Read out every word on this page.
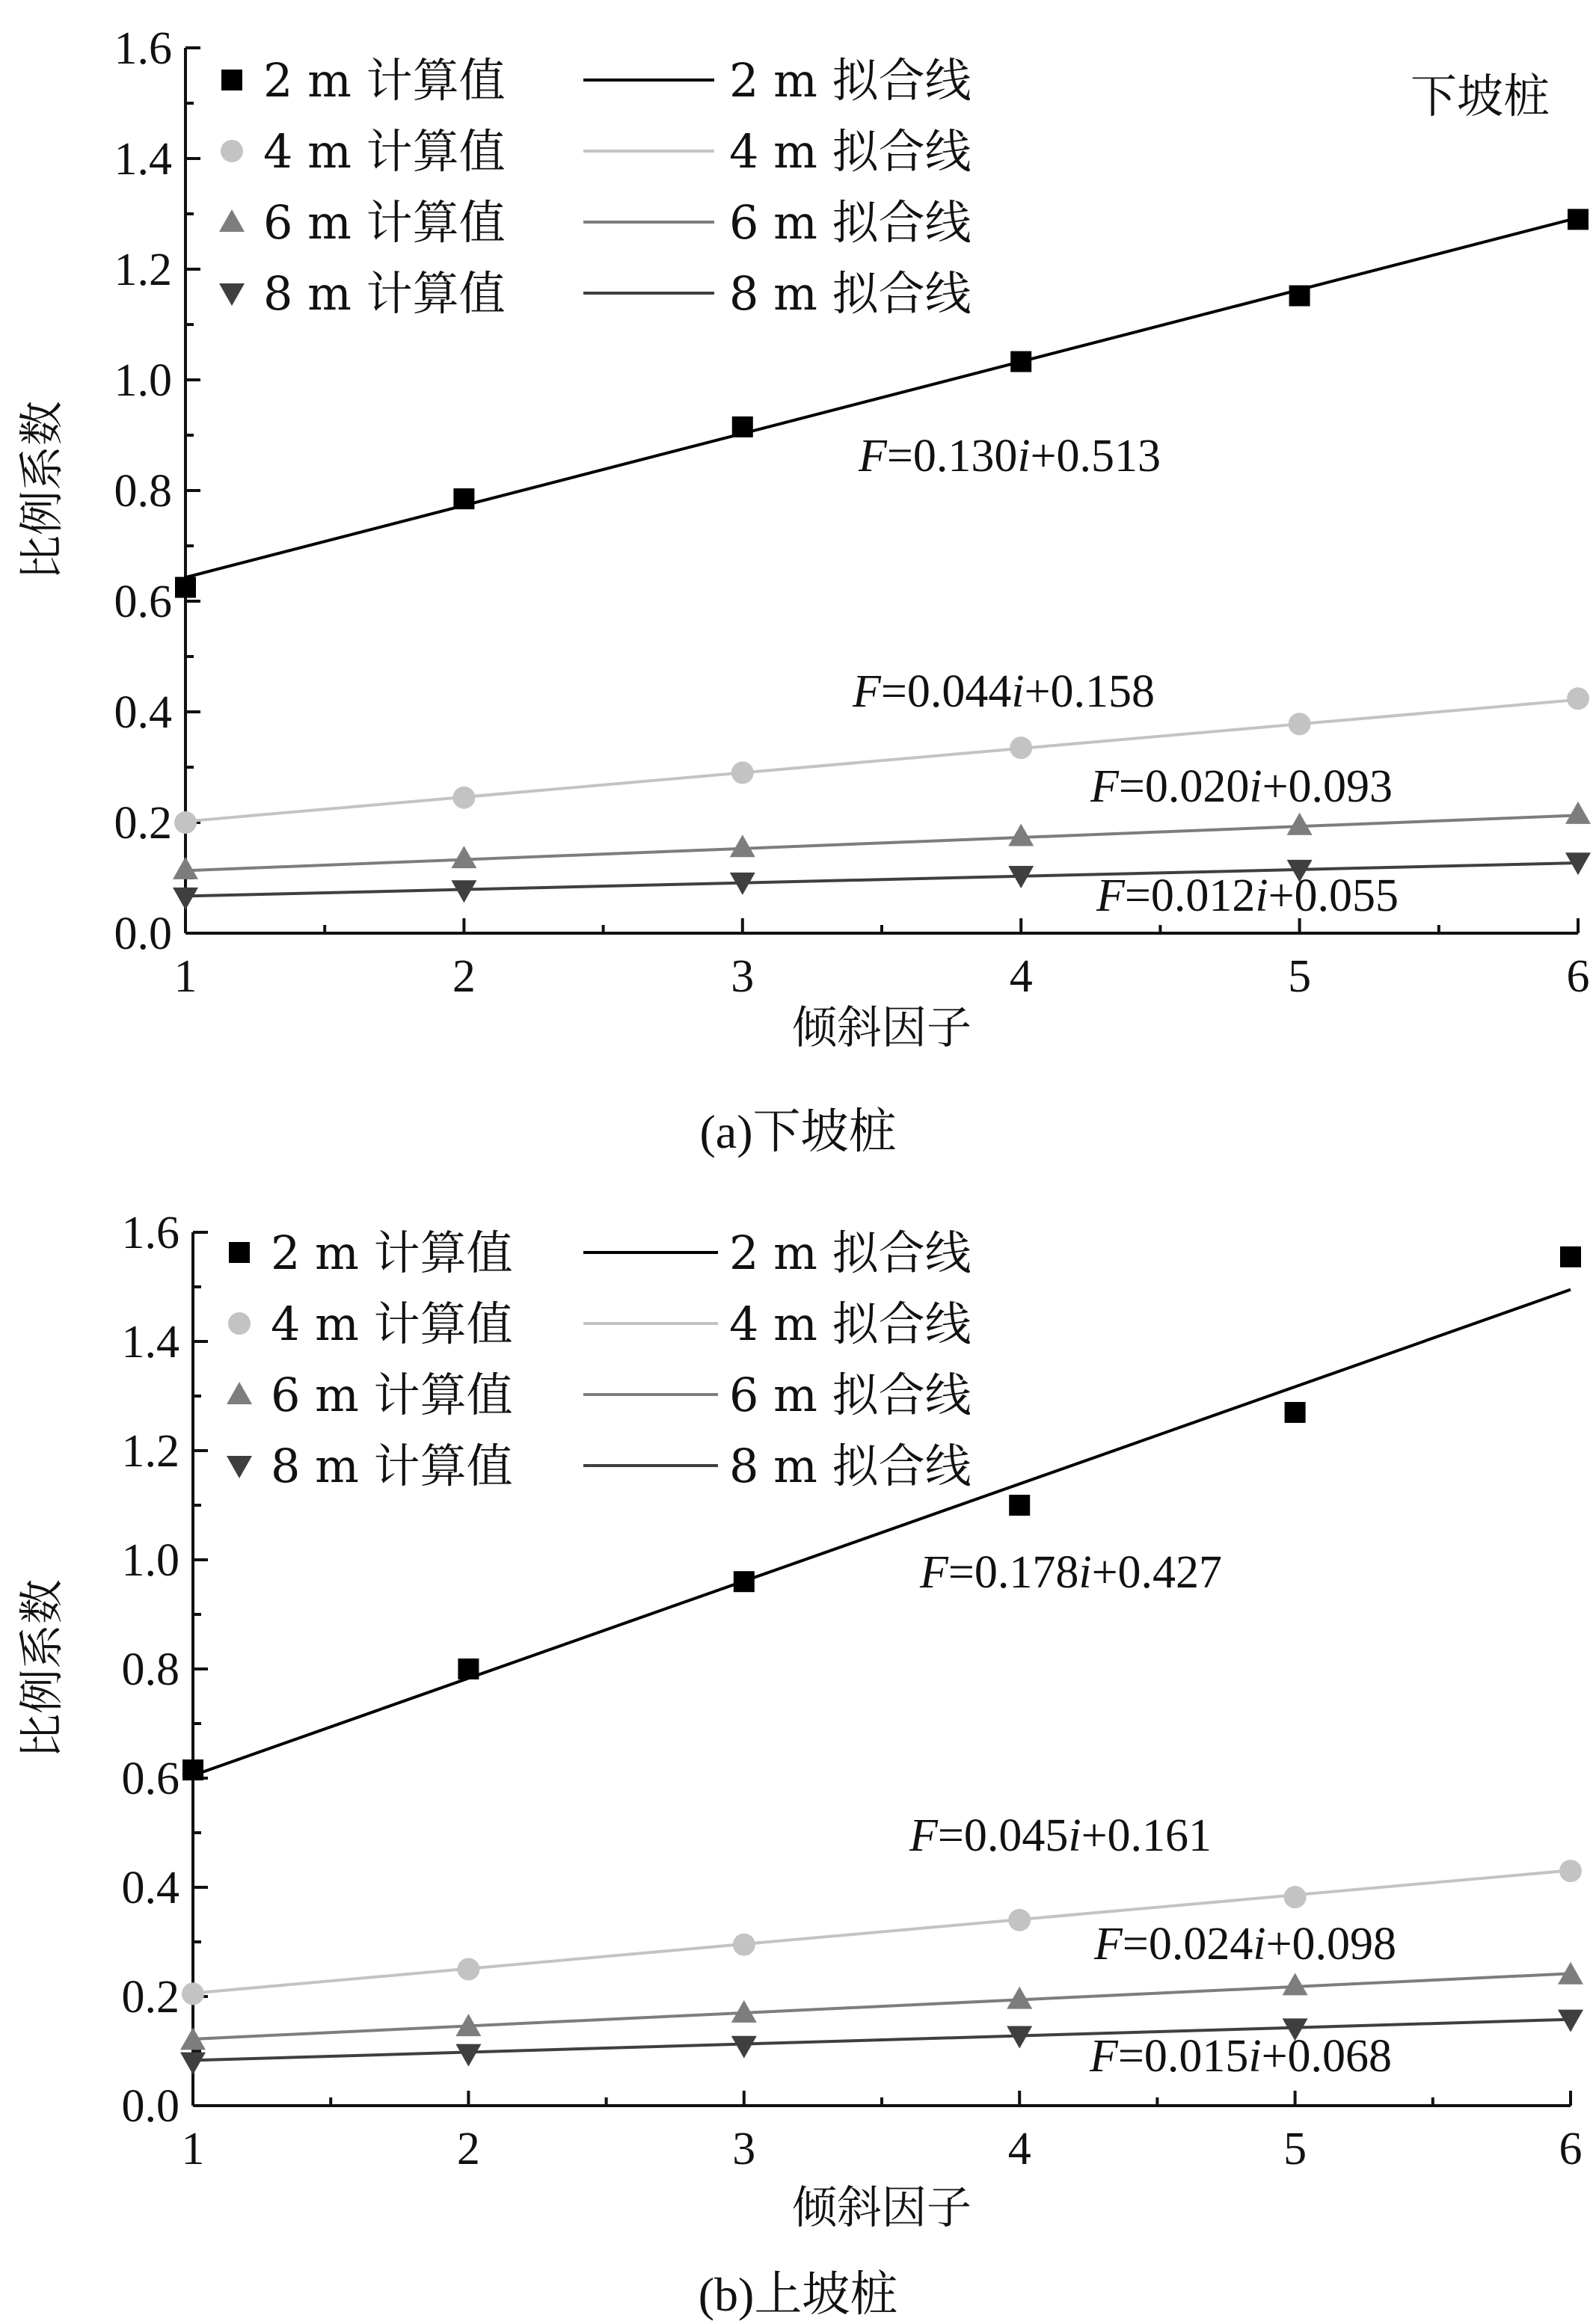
0.0
0.2
0.4
0.6
0.8
1.0
1.2
1.4
1.6
1	2	3	4	5	6
倾斜因子
比例系数	F=0.130i+0.513
F=0.044i+0.158
F=0.020i+0.093
F=0.012i+0.055
2 m 计算值	2 m 拟合线
4 m 计算值	4 m 拟合线
6 m 计算值	6 m 拟合线
8 m 计算值	8 m 拟合线
下坡桩
(a)下坡桩
0.0
0.2
0.4
0.6
0.8
1.0
1.2
1.4
1.6
1	2	3	4	5	6
倾斜因子
比例系数
F=0.178i+0.427
F=0.045i+0.161
F=0.024i+0.098
F=0.015i+0.068
2 m 计算值	2 m 拟合线
4 m 计算值	4 m 拟合线
6 m 计算值	6 m 拟合线
8 m 计算值	8 m 拟合线
(b)上坡桩
